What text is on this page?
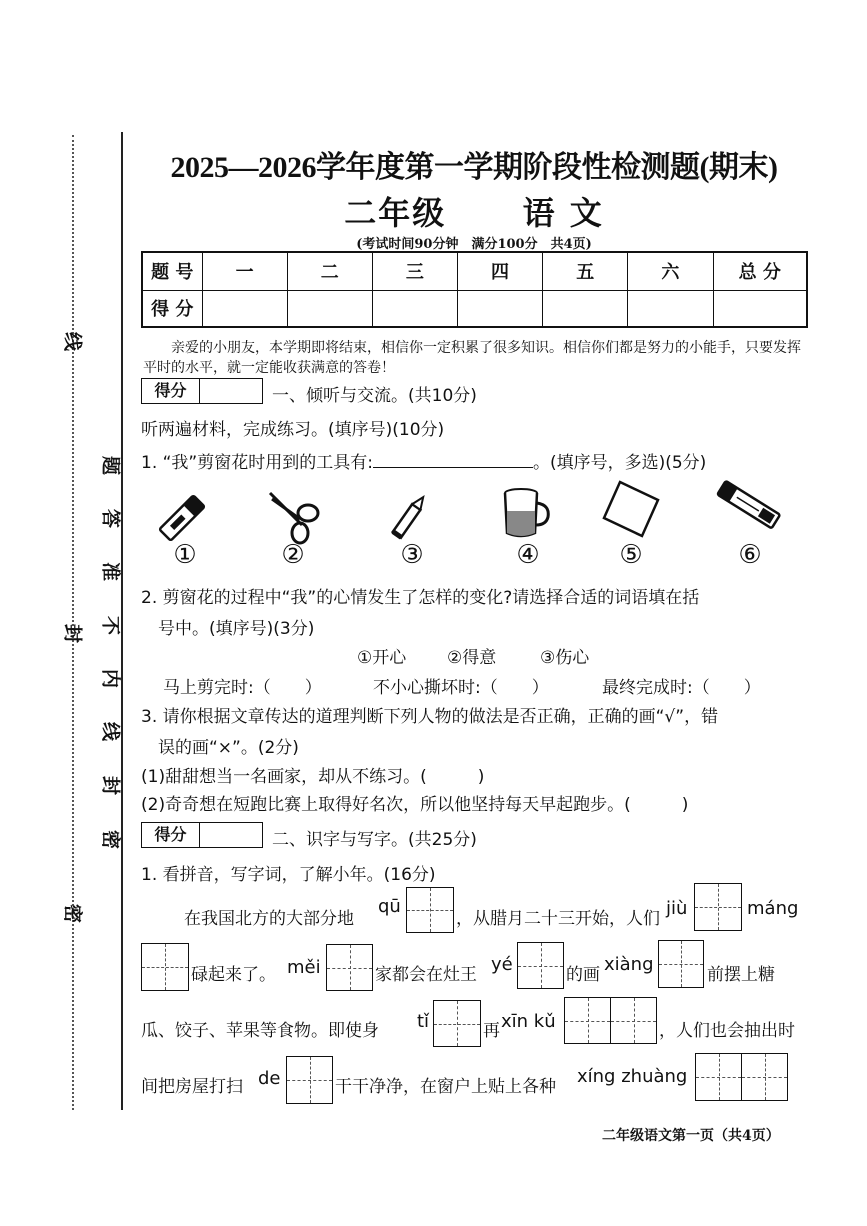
线
封
密
题
答
准
不
内
线
封
密
2025—2026学年度第一学期阶段性检测题(期末)
二年级 语 文
(考试时间90分钟　满分100分　共4页)
题 号	一	二	三	四	五	六	总 分
得 分							
亲爱的小朋友，本学期即将结束，相信你一定积累了很多知识。相信你们都是努力的小能手，只要发挥平时的水平，就一定能收获满意的答卷！
得分	一、倾听与交流。(共10分)
听两遍材料，完成练习。(填序号)(10分)
1. “我”剪窗花时用到的工具有:	。(填序号，多选)(5分)
①	②	③	④	⑤	⑥
2. 剪窗花的过程中“我”的心情发生了怎样的变化?请选择合适的词语填在括
号中。(填序号)(3分)
①开心 ②得意	③伤心
马上剪完时:（　　）	不小心撕坏时:（　　）	最终完成时:（　　）
3. 请你根据文章传达的道理判断下列人物的做法是否正确，正确的画“√”，错
误的画“×”。(2分)
(1)甜甜想当一名画家，却从不练习。(　　　)
(2)奇奇想在短跑比赛上取得好名次，所以他坚持每天早起跑步。(　　　)
得分	二、识字与写字。(共25分)
1. 看拼音，写字词，了解小年。(16分)
在我国北方的大部分地
qū
，从腊月二十三开始，人们 jiù	máng
碌起来了。 měi	家都会在灶王 yé	的画 xiàng	前摆上糖
瓜、饺子、苹果等食物。即使身 tǐ	再 xīn kǔ	，人们也会抽出时
间把房屋打扫 de	干干净净，在窗户上贴上各种 xíng zhuàng
二年级语文第一页（共4页）
